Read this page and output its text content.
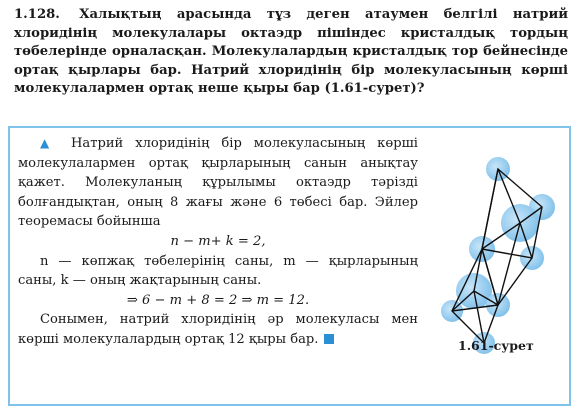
1.128. Халықтың арасында тұз деген атаумен белгілі натрий хлоридінің молекулалары октаэдр пішіндес кристалдық тордың төбелерінде орналасқан. Молекулалардың кристалдық тор бейнесінде ортақ қырлары бар. Натрий хлоридінің бір молекуласының көрші молекулалармен ортақ неше қыры бар (1.61-сурет)?

▲ Натрий хлоридінің бір молекуласының көрші молекулалармен ортақ қырларының санын анықтау қажет. Молекуланың құрылымы октаэдр тәрізді болғандықтан, оның 8 жағы және 6 төбесі бар. Эйлер теоремасы бойынша

n − m+ k = 2,

n — көпжақ төбелерінің саны, m — қырларының саны, k — оның жақтарының саны.

⇒ 6 − m + 8 = 2 ⇒ m = 12.

Сонымен, натрий хлоридінің әр молекуласы мен көрші молекулалардың ортақ 12 қыры бар.	1.61-сурет
